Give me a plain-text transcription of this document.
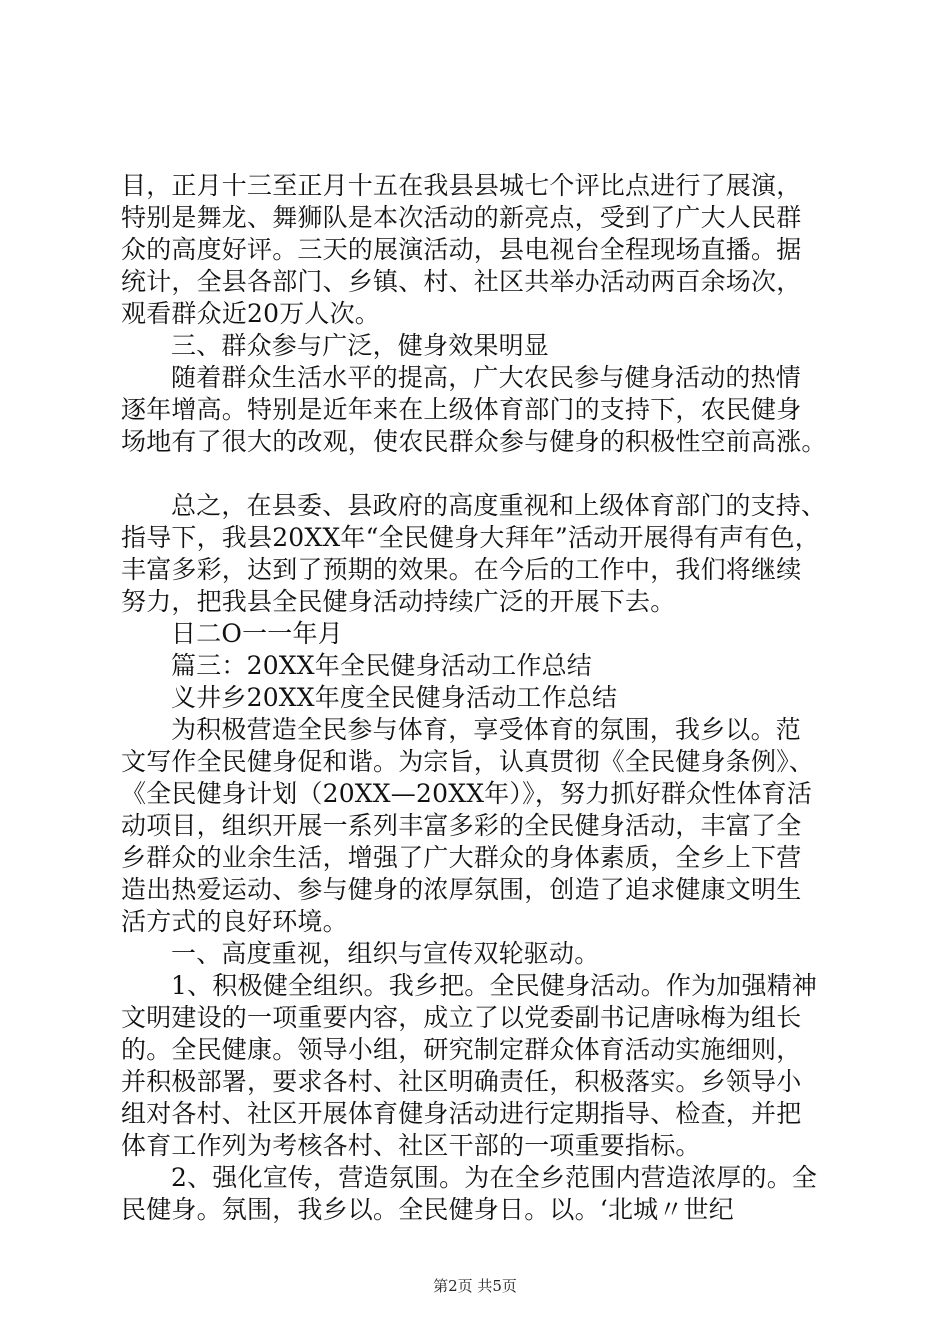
目，正月十三至正月十五在我县县城七个评比点进行了展演，
特别是舞龙、舞狮队是本次活动的新亮点，受到了广大人民群
众的高度好评。三天的展演活动，县电视台全程现场直播。据
统计，全县各部门、乡镇、村、社区共举办活动两百余场次，
观看群众近20万人次。
三、群众参与广泛，健身效果明显
随着群众生活水平的提高，广大农民参与健身活动的热情
逐年增高。特别是近年来在上级体育部门的支持下，农民健身
场地有了很大的改观，使农民群众参与健身的积极性空前高涨。
总之，在县委、县政府的高度重视和上级体育部门的支持、
指导下，我县20XX年“全民健身大拜年”活动开展得有声有色，
丰富多彩，达到了预期的效果。在今后的工作中，我们将继续
努力，把我县全民健身活动持续广泛的开展下去。
日二O一一年月
篇三：20XX年全民健身活动工作总结
义井乡20XX年度全民健身活动工作总结
为积极营造全民参与体育，享受体育的氛围，我乡以。范
文写作全民健身促和谐。为宗旨，认真贯彻《全民健身条例》、
《全民健身计划（20XX—20XX年）》，努力抓好群众性体育活
动项目，组织开展一系列丰富多彩的全民健身活动，丰富了全
乡群众的业余生活，增强了广大群众的身体素质，全乡上下营
造出热爱运动、参与健身的浓厚氛围，创造了追求健康文明生
活方式的良好环境。
一、高度重视，组织与宣传双轮驱动。
1、积极健全组织。我乡把。全民健身活动。作为加强精神
文明建设的一项重要内容，成立了以党委副书记唐咏梅为组长
的。全民健康。领导小组，研究制定群众体育活动实施细则，
并积极部署，要求各村、社区明确责任，积极落实。乡领导小
组对各村、社区开展体育健身活动进行定期指导、检查，并把
体育工作列为考核各村、社区干部的一项重要指标。
2、强化宣传，营造氛围。为在全乡范围内营造浓厚的。全
民健身。氛围，我乡以。全民健身日。以。‘北城〃世纪
第2页 共5页
